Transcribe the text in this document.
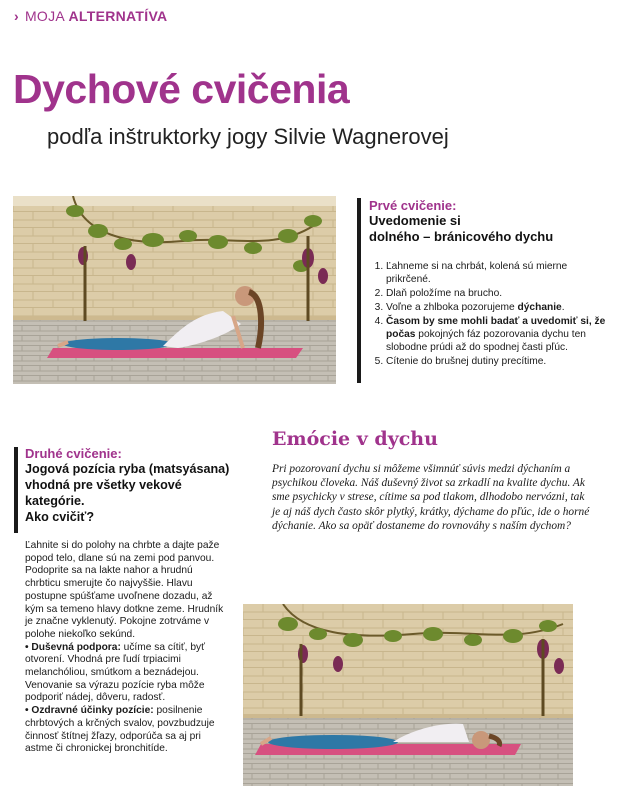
› MOJA ALTERNATÍVA
Dychové cvičenia
podľa inštruktorky jogy Silvie Wagnerovej
Prvé cvičenie:
Uvedomenie si
dolného – bránicového dychu
1. Ľahneme si na chrbát, kolená sú mierne prikrčené.
2. Dlaň položíme na brucho.
3. Voľne a zhlboka pozorujeme dýchanie.
4. Časom by sme mohli badať a uvedomiť si, že počas pokojných fáz pozorovania dychu ten slobodne prúdi až do spodnej časti pľúc.
5. Cítenie do brušnej dutiny precítime.
Druhé cvičenie:
Jogová pozícia ryba (matsyásana) vhodná pre všetky vekové kategórie.
Ako cvičiť?

Ľahnite si do polohy na chrbte a dajte paže popod telo, dlane sú na zemi pod panvou. Podoprite sa na lakte nahor a hrudnú chrbticu smerujte čo najvyššie. Hlavu postupne spúšťame uvoľnene dozadu, až kým sa temeno hlavy dotkne zeme. Hrudník je značne vyklenutý. Pokojne zotrváme v polohe niekoľko sekúnd.

• Duševná podpora: učíme sa cítiť, byť otvorení. Vhodná pre ľudí trpiacimi melanchóliou, smútkom a beznádejou. Venovanie sa výrazu pozície ryba môže podporiť nádej, dôveru, radosť.

• Ozdravné účinky pozície: posilnenie chrbtových a krčných svalov, povzbudzuje činnosť štítnej žľazy, odporúča sa aj pri astme či chronickej bronchitíde.

Emócie v dychu
Pri pozorovaní dychu si môžeme všimnúť súvis medzi dýchaním a psychikou človeka. Náš duševný život sa zrkadlí na kvalite dychu. Ak sme psychicky v strese, cítime sa pod tlakom, dlhodobo nervózni, tak je aj náš dych často skôr plytký, krátky, dýchame do pľúc, ide o horné dýchanie. Ako sa opäť dostaneme do rovnováhy s naším dychom?
